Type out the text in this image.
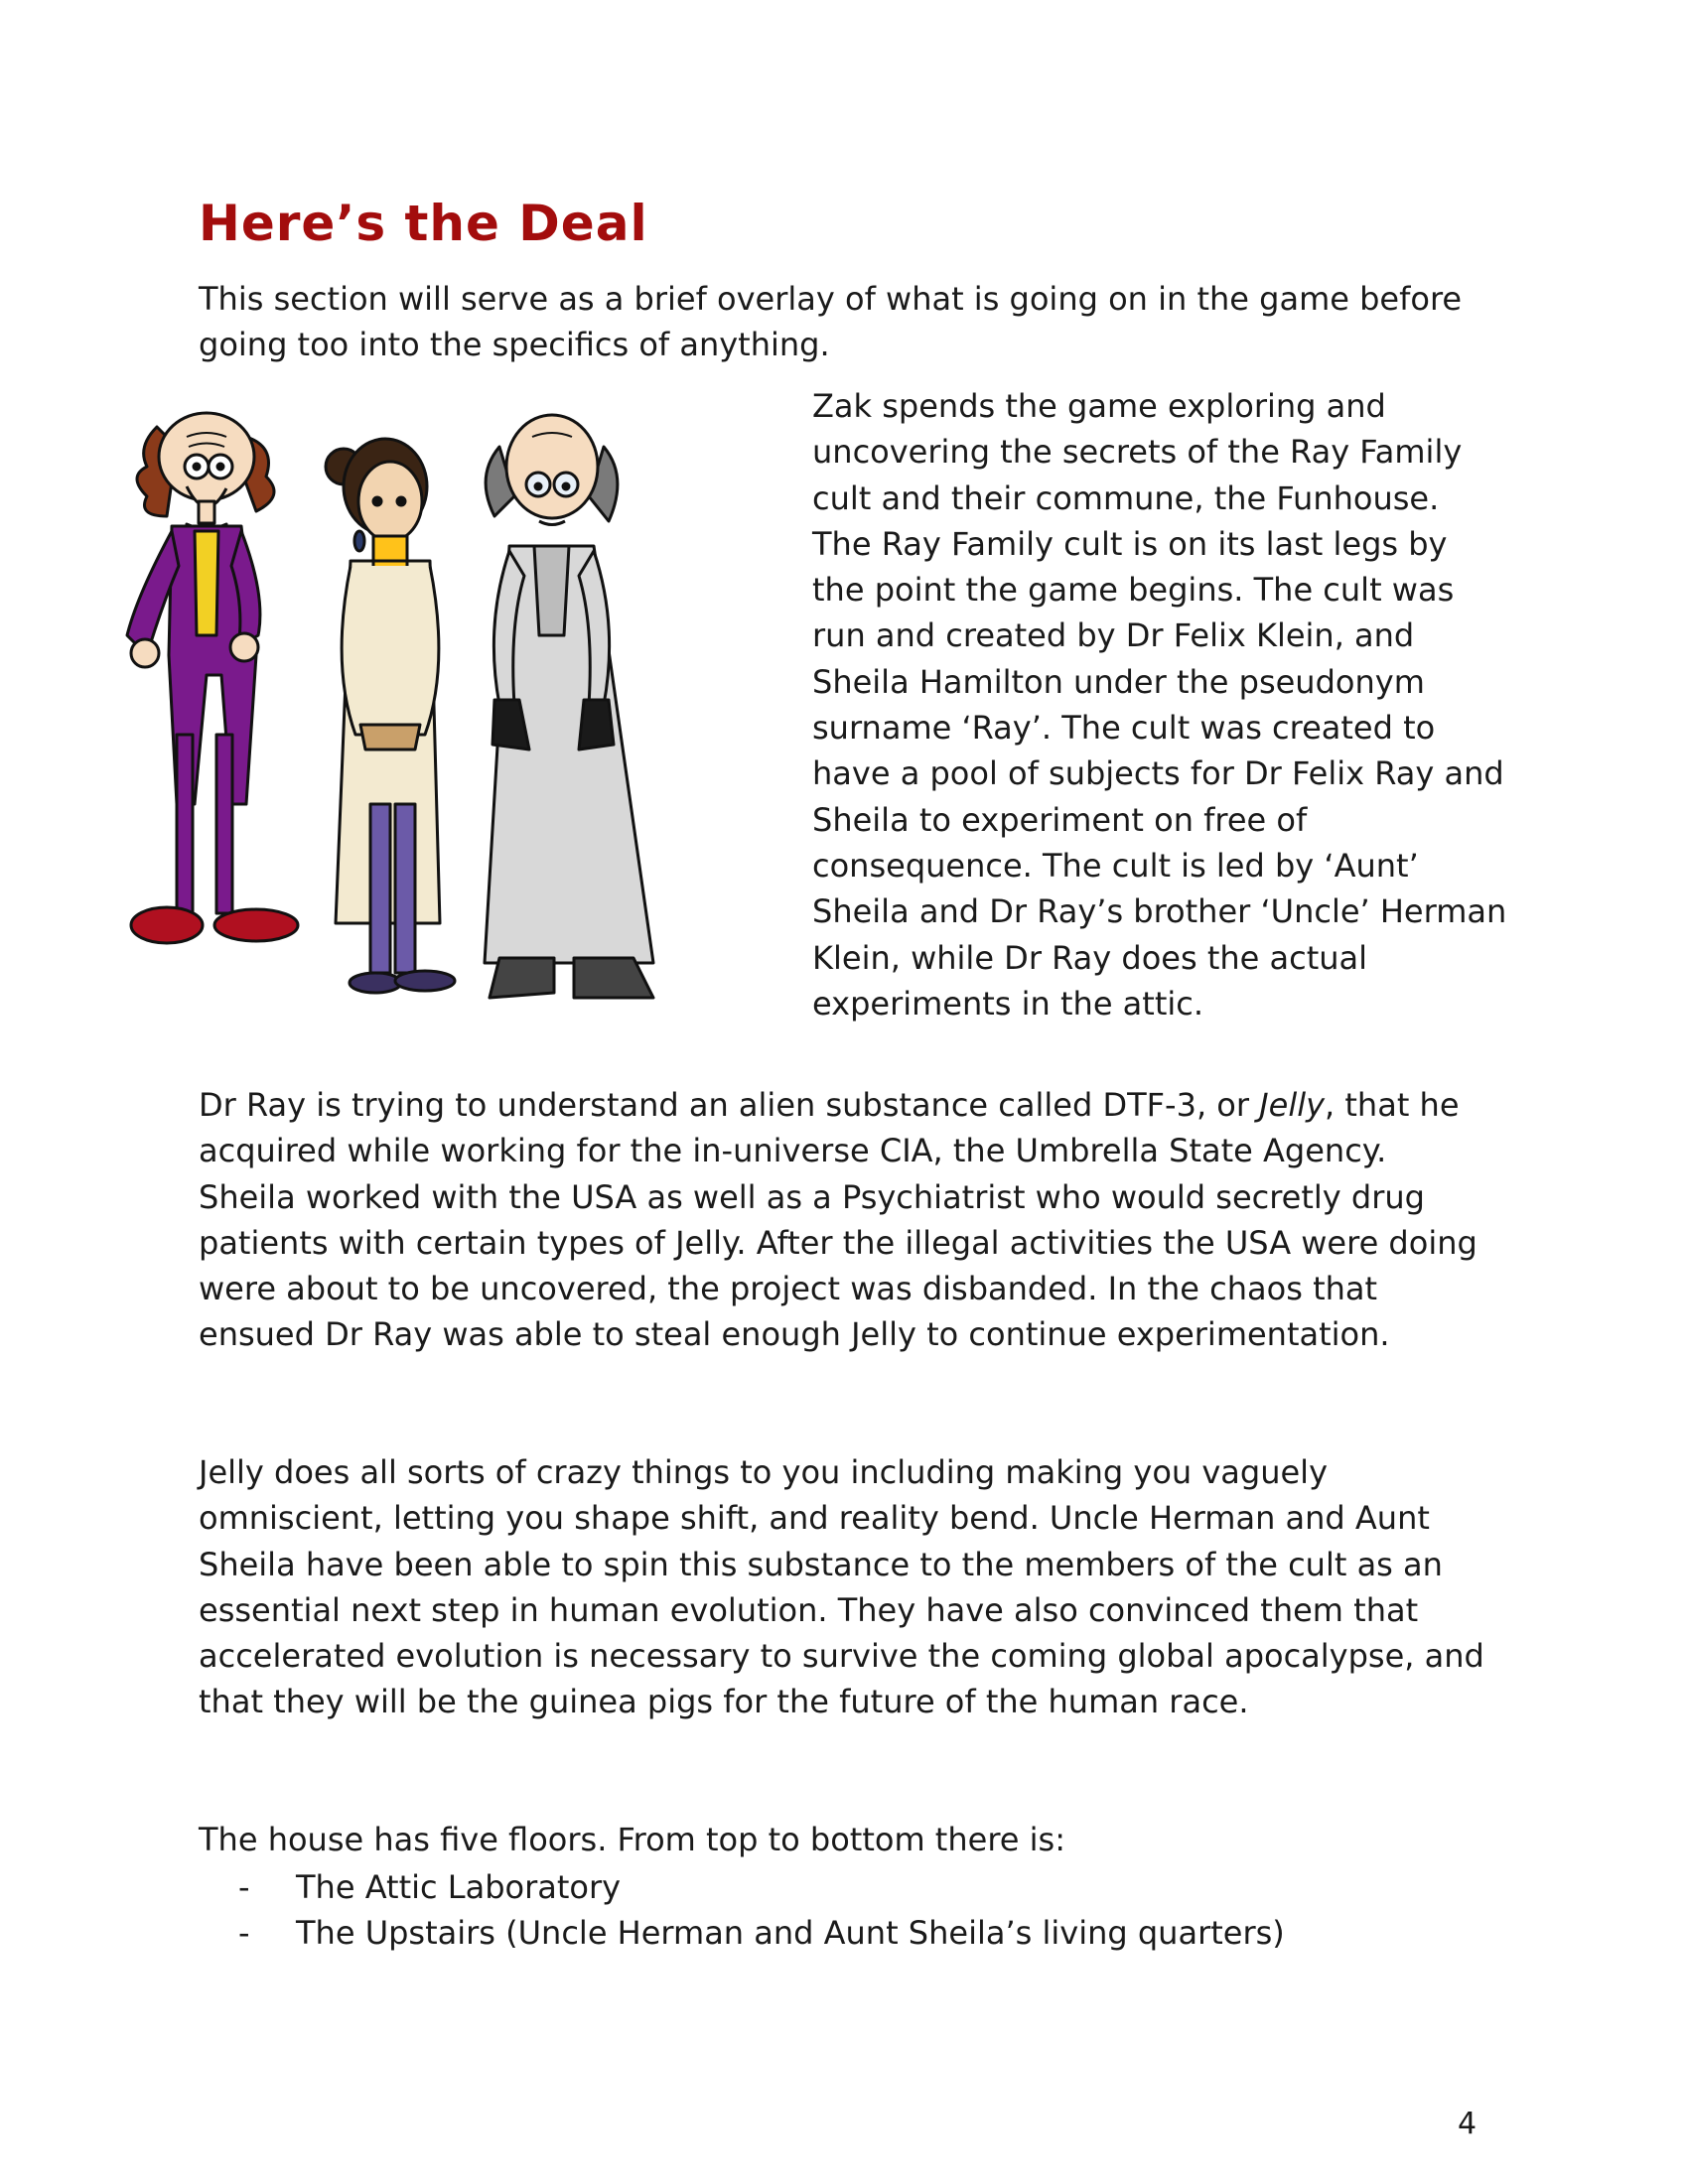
Here’s the Deal

This section will serve as a brief overlay of what is going on in the game before going too into the specifics of anything.

Zak spends the game exploring and uncovering the secrets of the Ray Family cult and their commune, the Funhouse. The Ray Family cult is on its last legs by the point the game begins. The cult was run and created by Dr Felix Klein, and Sheila Hamilton under the pseudonym surname ‘Ray’. The cult was created to have a pool of subjects for Dr Felix Ray and Sheila to experiment on free of consequence. The cult is led by ‘Aunt’ Sheila and Dr Ray’s brother ‘Uncle’ Herman Klein, while Dr Ray does the actual experiments in the attic.

Dr Ray is trying to understand an alien substance called DTF-3, or Jelly, that he acquired while working for the in-universe CIA, the Umbrella State Agency. Sheila worked with the USA as well as a Psychiatrist who would secretly drug patients with certain types of Jelly. After the illegal activities the USA were doing were about to be uncovered, the project was disbanded. In the chaos that ensued Dr Ray was able to steal enough Jelly to continue experimentation.

Jelly does all sorts of crazy things to you including making you vaguely omniscient, letting you shape shift, and reality bend. Uncle Herman and Aunt Sheila have been able to spin this substance to the members of the cult as an essential next step in human evolution. They have also convinced them that accelerated evolution is necessary to survive the coming global apocalypse, and that they will be the guinea pigs for the future of the human race.

The house has five floors. From top to bottom there is:

-	The Attic Laboratory
-	The Upstairs (Uncle Herman and Aunt Sheila’s living quarters)
4
